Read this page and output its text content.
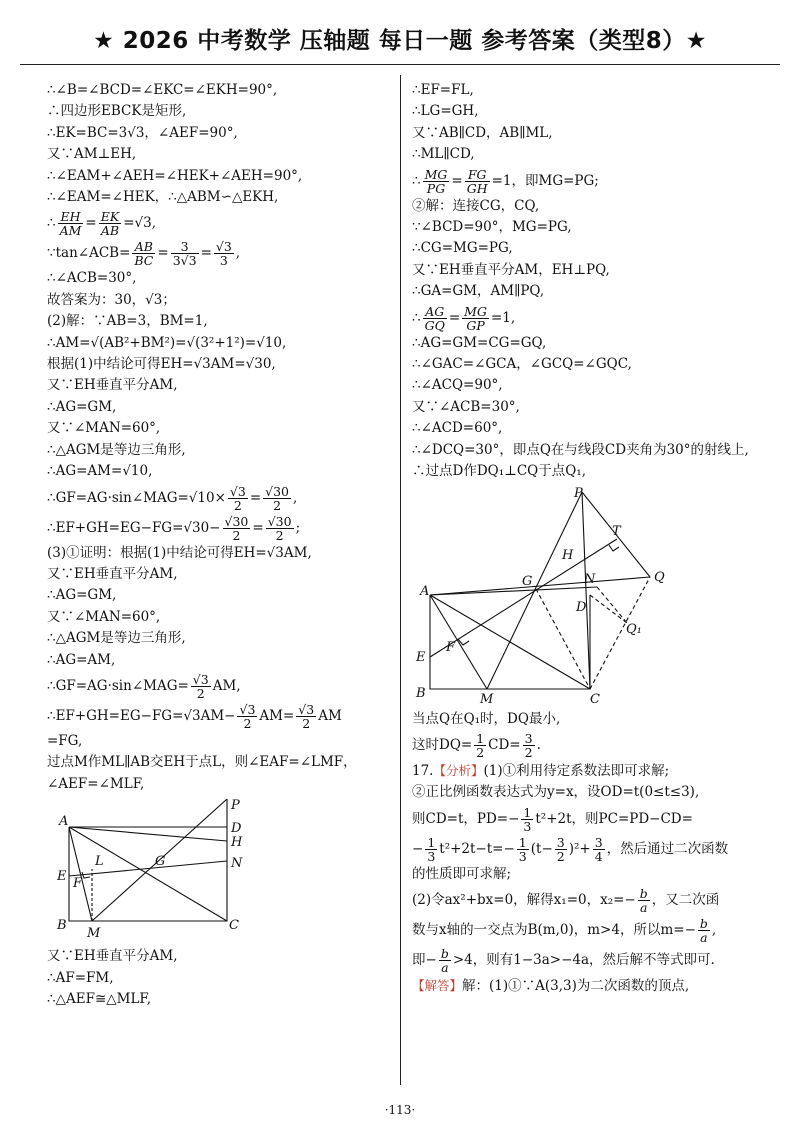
★ 2026 中考数学 压轴题 每日一题 参考答案（类型8）★
∴∠B=∠BCD=∠EKC=∠EKH=90°,
∴四边形EBCK是矩形,
∴EK=BC=3√3，∠AEF=90°,
又∵AM⊥EH,
∴∠EAM+∠AEH=∠HEK+∠AEH=90°,
∴∠EAM=∠HEK，∴△ABM∽△EKH,
∴ $\frac{EH}{AM} = \frac{EK}{AB} =√3$,
∵tan∠ACB= $\frac{AB}{BC} = \frac{3}{3√3} = \frac{√3}{3}$ ,
∴∠ACB=30°,
故答案为：30，√3；
(2)解：∵AB=3，BM=1,
∴AM=√(AB²+BM²)=√(3²+1²)=√10,
根据(1)中结论可得EH=√3AM=√30,
又∵EH垂直平分AM,
∴AG=GM,
又∵∠MAN=60°,
∴△AGM是等边三角形,
∴AG=AM=√10,
∴GF=AG·sin∠MAG=√10× $\frac{√3}{2} = \frac{√30}{2}$ ,
∴EF+GH=EG−FG=√30− $\frac{√30}{2} = \frac{√30}{2}$ ;
(3)①证明：根据(1)中结论可得EH=√3AM,
又∵EH垂直平分AM,
∴AG=GM,
又∵∠MAN=60°,
∴△AGM是等边三角形,
∴AG=AM,
∴GF=AG·sin∠MAG= $\frac{√3}{2}$ AM,
∴EF+GH=EG−FG=√3AM− $\frac{√3}{2} AM= \frac{√3}{2}$ AM
=FG,
过点M作ML∥AB交EH于点L，则∠EAF=∠LMF，∠AEF=∠MLF,
A
P
D
H
N
E
L
F
G
B
M
C
又∵EH垂直平分AM,
∴AF=FM,
∴△AEF≅△MLF,
∴EF=FL,
∴LG=GH,
又∵AB∥CD，AB∥ML,
∴ML∥CD,
∴ $\frac{MG}{PG} = \frac{FG}{GH} =1$，即MG=PG;
②解：连接CG，CQ,
∵∠BCD=90°，MG=PG,
∴CG=MG=PG,
又∵EH垂直平分AM，EH⊥PQ,
∴GA=GM，AM∥PQ,
∴ $\frac{AG}{GQ} = \frac{MG}{GP} =1$,
∴AG=GM=CG=GQ,
∴∠GAC=∠GCA，∠GCQ=∠GQC,
∴∠ACQ=90°,
又∵∠ACB=30°,
∴∠ACD=60°,
∴∠DCQ=30°，即点Q在与线段CD夹角为30°的射线上,
∴过点D作DQ₁⊥CQ于点Q₁,
P
T
H
A
G	N	Q
D
Q₁
E
F
B	M	C
当点Q在Q₁时，DQ最小,
这时$DQ= \frac{1}{2} CD= \frac{3}{2}$ .
17.【分析】(1)①利用待定系数法即可求解;
②正比例函数表达式为y=x，设OD=t(0≤t≤3),
则CD=t，$PD=- \frac{1}{3} t^2+2t$，则PC=PD−CD=
− $\frac{1}{3} t^2+2t-t=- \frac{1}{3} (t- \frac{3}{2} )^2+ \frac{3}{4}$ ，然后通过二次函数
的性质即可求解;
(2)令ax²+bx=0，解得x₁=0，$x_2=- \frac{b}{a}$ ，又二次函
数与x轴的一交点为B(m,0)，m>4，所以$m=- \frac{b}{a}$ ,
即− $\frac{b}{a} >4$，则有1−3a>−4a，然后解不等式即可.
【解答】解：(1)①∵A(3,3)为二次函数的顶点,
·113·
